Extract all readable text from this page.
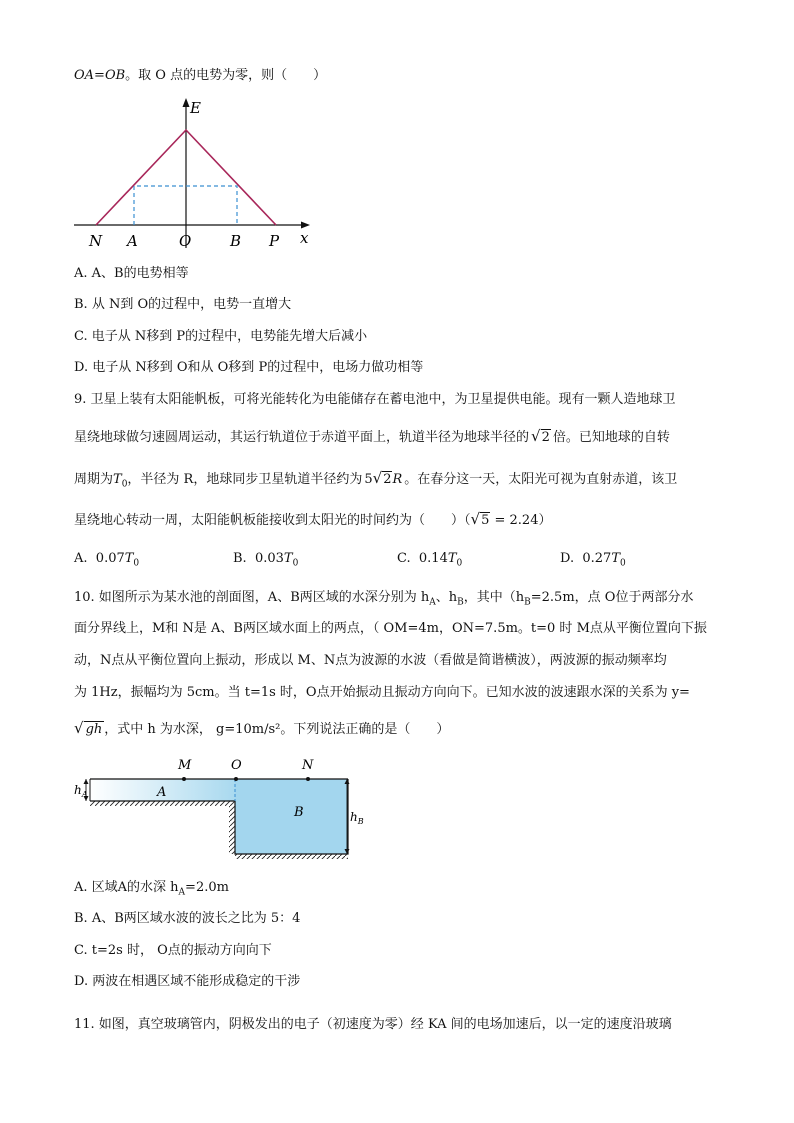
OA=OB。取 O 点的电势为零，则（　　）
E
x
N A	O	B P
A. A、B的电势相等
B. 从 N到 O的过程中，电势一直增大
C. 电子从 N移到 P的过程中，电势能先增大后减小
D. 电子从 N移到 O和从 O移到 P的过程中，电场力做功相等
9. 卫星上装有太阳能帆板，可将光能转化为电能储存在蓄电池中，为卫星提供电能。现有一颗人造地球卫
星绕地球做匀速圆周运动，其运行轨道位于赤道平面上，轨道半径为地球半径的 √2 倍。已知地球的自转
周期为$T_0$，半径为 R，地球同步卫星轨道半径约为 5√2R 。在春分这一天，太阳光可视为直射赤道，该卫
星绕地心转动一周，太阳能帆板能接收到太阳光的时间约为（　　）（√5 = 2.24）
A. $0.07T_0$	B. $0.03T_0$	C. $0.14T_0$	D. $0.27T_0$
10. 如图所示为某水池的剖面图，A、B两区域的水深分别为 $h_A$、$h_B$，其中（$h_B=2.5m$，点 O位于两部分水
面分界线上，M和 N是 A、B两区域水面上的两点，（ OM=4m，ON=7.5m。t=0 时 M点从平衡位置向下振
动，N点从平衡位置向上振动，形成以 M、N点为波源的水波（看做是简谐横波），两波源的振动频率均
为 1Hz，振幅均为 5cm。当 t=1s 时，O点开始振动且振动方向向下。已知水波的波速跟水深的关系为 y=
√ gh ，式中 h 为水深， g=10m/s²。下列说法正确的是（　　）
M	O	N
A
B
$h_A$
$h_B$
A. 区域A的水深 $h_A=2.0m$
B. A、B两区域水波的波长之比为 5：4
C. t=2s 时， O点的振动方向向下
D. 两波在相遇区域不能形成稳定的干涉
11. 如图，真空玻璃管内，阴极发出的电子（初速度为零）经 KA 间的电场加速后，以一定的速度沿玻璃
